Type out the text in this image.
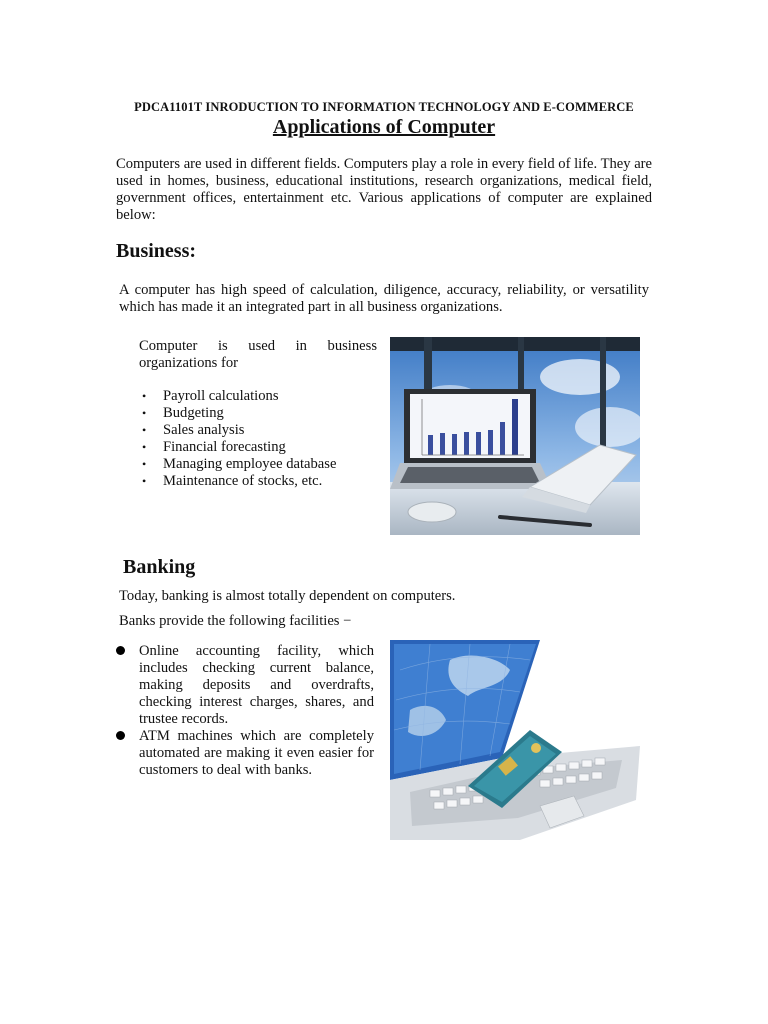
PDCA1101T INRODUCTION TO INFORMATION TECHNOLOGY AND E-COMMERCE
Applications of Computer
Computers are used in different fields. Computers play a role in every field of life. They are used in homes, business, educational institutions, research organizations, medical field, government offices, entertainment etc. Various applications of computer are explained below:
Business:
A computer has high speed of calculation, diligence, accuracy, reliability, or versatility which has made it an integrated part in all business organizations.
Computer is used in business organizations for
• Payroll calculations
• Budgeting
• Sales analysis
• Financial forecasting
• Managing employee database
• Maintenance of stocks, etc.
Banking
Today, banking is almost totally dependent on computers.
Banks provide the following facilities −
Online accounting facility, which includes checking current balance, making deposits and overdrafts, checking interest charges, shares, and trustee records.
ATM machines which are completely automated are making it even easier for customers to deal with banks.
